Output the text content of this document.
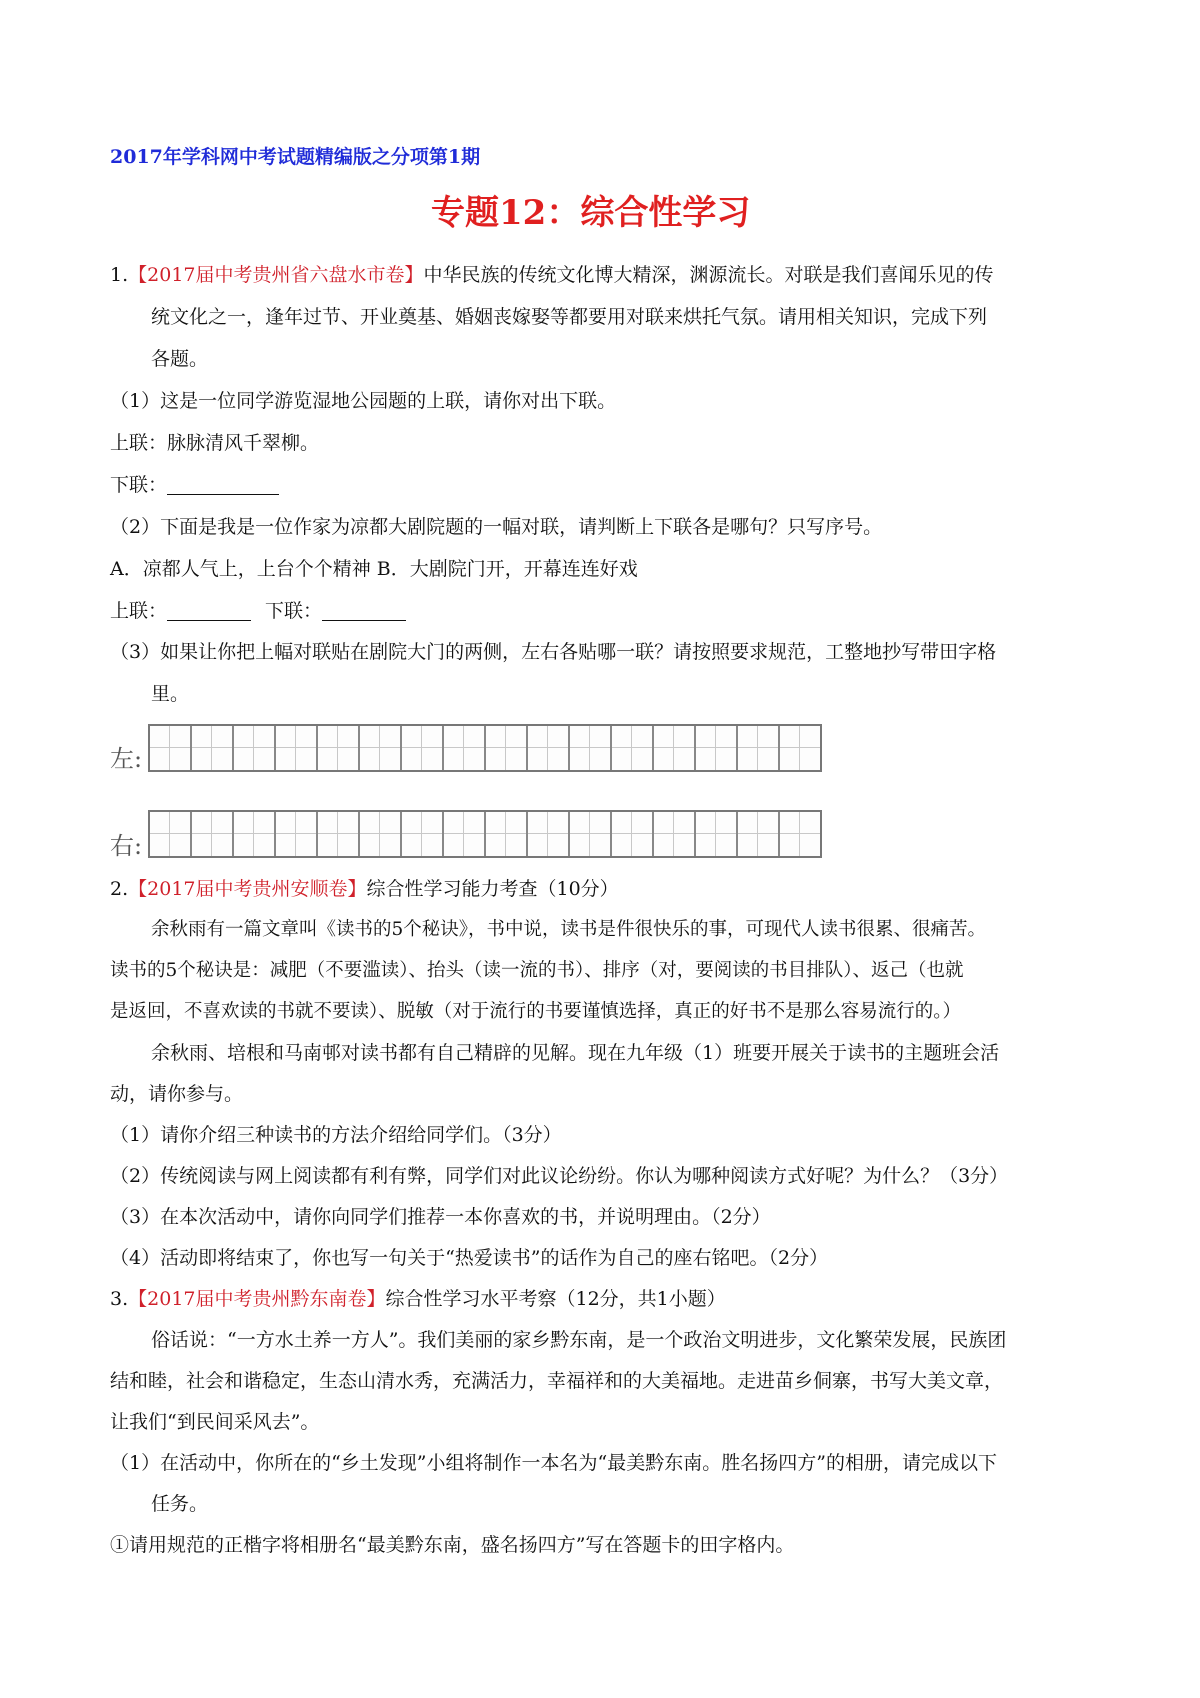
2017年学科网中考试题精编版之分项第1期
专题12：综合性学习
1.【2017届中考贵州省六盘水市卷】中华民族的传统文化博大精深，渊源流长。对联是我们喜闻乐见的传
统文化之一，逢年过节、开业奠基、婚姻丧嫁娶等都要用对联来烘托气氛。请用相关知识，完成下列
各题。
（1）这是一位同学游览湿地公园题的上联，请你对出下联。
上联：脉脉清风千翠柳。
下联：
（2）下面是我是一位作家为凉都大剧院题的一幅对联，请判断上下联各是哪句？只写序号。
A．凉都人气上，上台个个精神 B．大剧院门开，开幕连连好戏
上联：	下联：
（3）如果让你把上幅对联贴在剧院大门的两侧，左右各贴哪一联？请按照要求规范，工整地抄写带田字格
里。
左:
右:
2.【2017届中考贵州安顺卷】综合性学习能力考查（10分）
余秋雨有一篇文章叫《读书的5个秘诀》，书中说，读书是件很快乐的事，可现代人读书很累、很痛苦。
读书的5个秘诀是：减肥（不要滥读）、抬头（读一流的书）、排序（对，要阅读的书目排队）、返己（也就
是返回，不喜欢读的书就不要读）、脱敏（对于流行的书要谨慎选择，真正的好书不是那么容易流行的。）
余秋雨、培根和马南邨对读书都有自己精辟的见解。现在九年级（1）班要开展关于读书的主题班会活
动，请你参与。
（1）请你介绍三种读书的方法介绍给同学们。（3分）
（2）传统阅读与网上阅读都有利有弊，同学们对此议论纷纷。你认为哪种阅读方式好呢？为什么？（3分）
（3）在本次活动中，请你向同学们推荐一本你喜欢的书，并说明理由。（2分）
（4）活动即将结束了，你也写一句关于“热爱读书”的话作为自己的座右铭吧。（2分）
3.【2017届中考贵州黔东南卷】综合性学习水平考察（12分，共1小题）
俗话说：“一方水土养一方人”。我们美丽的家乡黔东南，是一个政治文明进步，文化繁荣发展，民族团
结和睦，社会和谐稳定，生态山清水秀，充满活力，幸福祥和的大美福地。走进苗乡侗寨，书写大美文章，
让我们“到民间采风去”。
（1）在活动中，你所在的“乡土发现”小组将制作一本名为“最美黔东南。胜名扬四方”的相册，请完成以下
任务。
①请用规范的正楷字将相册名“最美黔东南，盛名扬四方”写在答题卡的田字格内。
